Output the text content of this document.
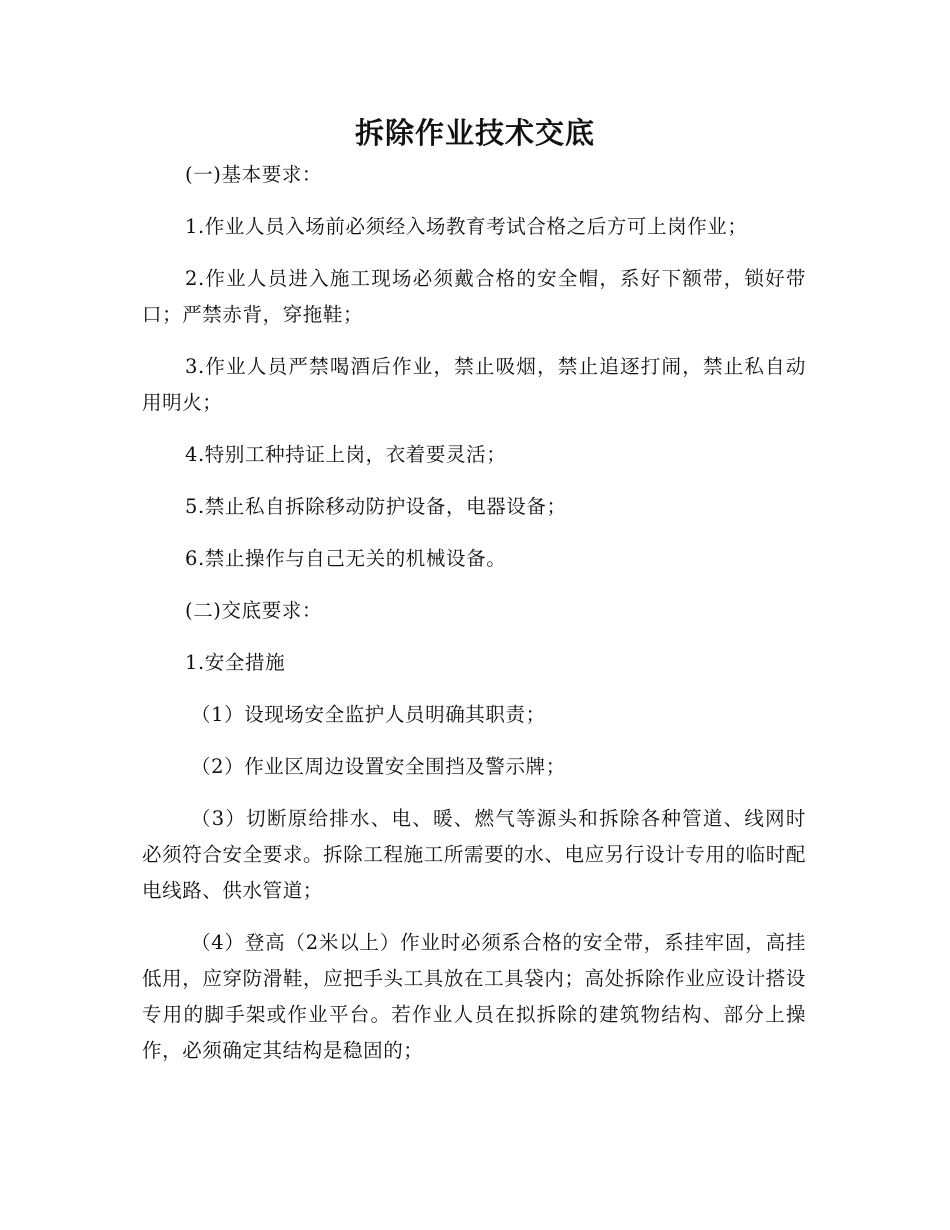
拆除作业技术交底

(一)基本要求：

1.作业人员入场前必须经入场教育考试合格之后方可上岗作业；

2.作业人员进入施工现场必须戴合格的安全帽，系好下额带，锁好带口；严禁赤背，穿拖鞋；

3.作业人员严禁喝酒后作业，禁止吸烟，禁止追逐打闹，禁止私自动用明火；

4.特别工种持证上岗，衣着要灵活；

5.禁止私自拆除移动防护设备，电器设备；

6.禁止操作与自己无关的机械设备。

(二)交底要求：

1.安全措施

（1）设现场安全监护人员明确其职责；

（2）作业区周边设置安全围挡及警示牌；

（3）切断原给排水、电、暖、燃气等源头和拆除各种管道、线网时必须符合安全要求。拆除工程施工所需要的水、电应另行设计专用的临时配电线路、供水管道；

（4）登高（2米以上）作业时必须系合格的安全带，系挂牢固，高挂低用，应穿防滑鞋，应把手头工具放在工具袋内；高处拆除作业应设计搭设专用的脚手架或作业平台。若作业人员在拟拆除的建筑物结构、部分上操作，必须确定其结构是稳固的；
